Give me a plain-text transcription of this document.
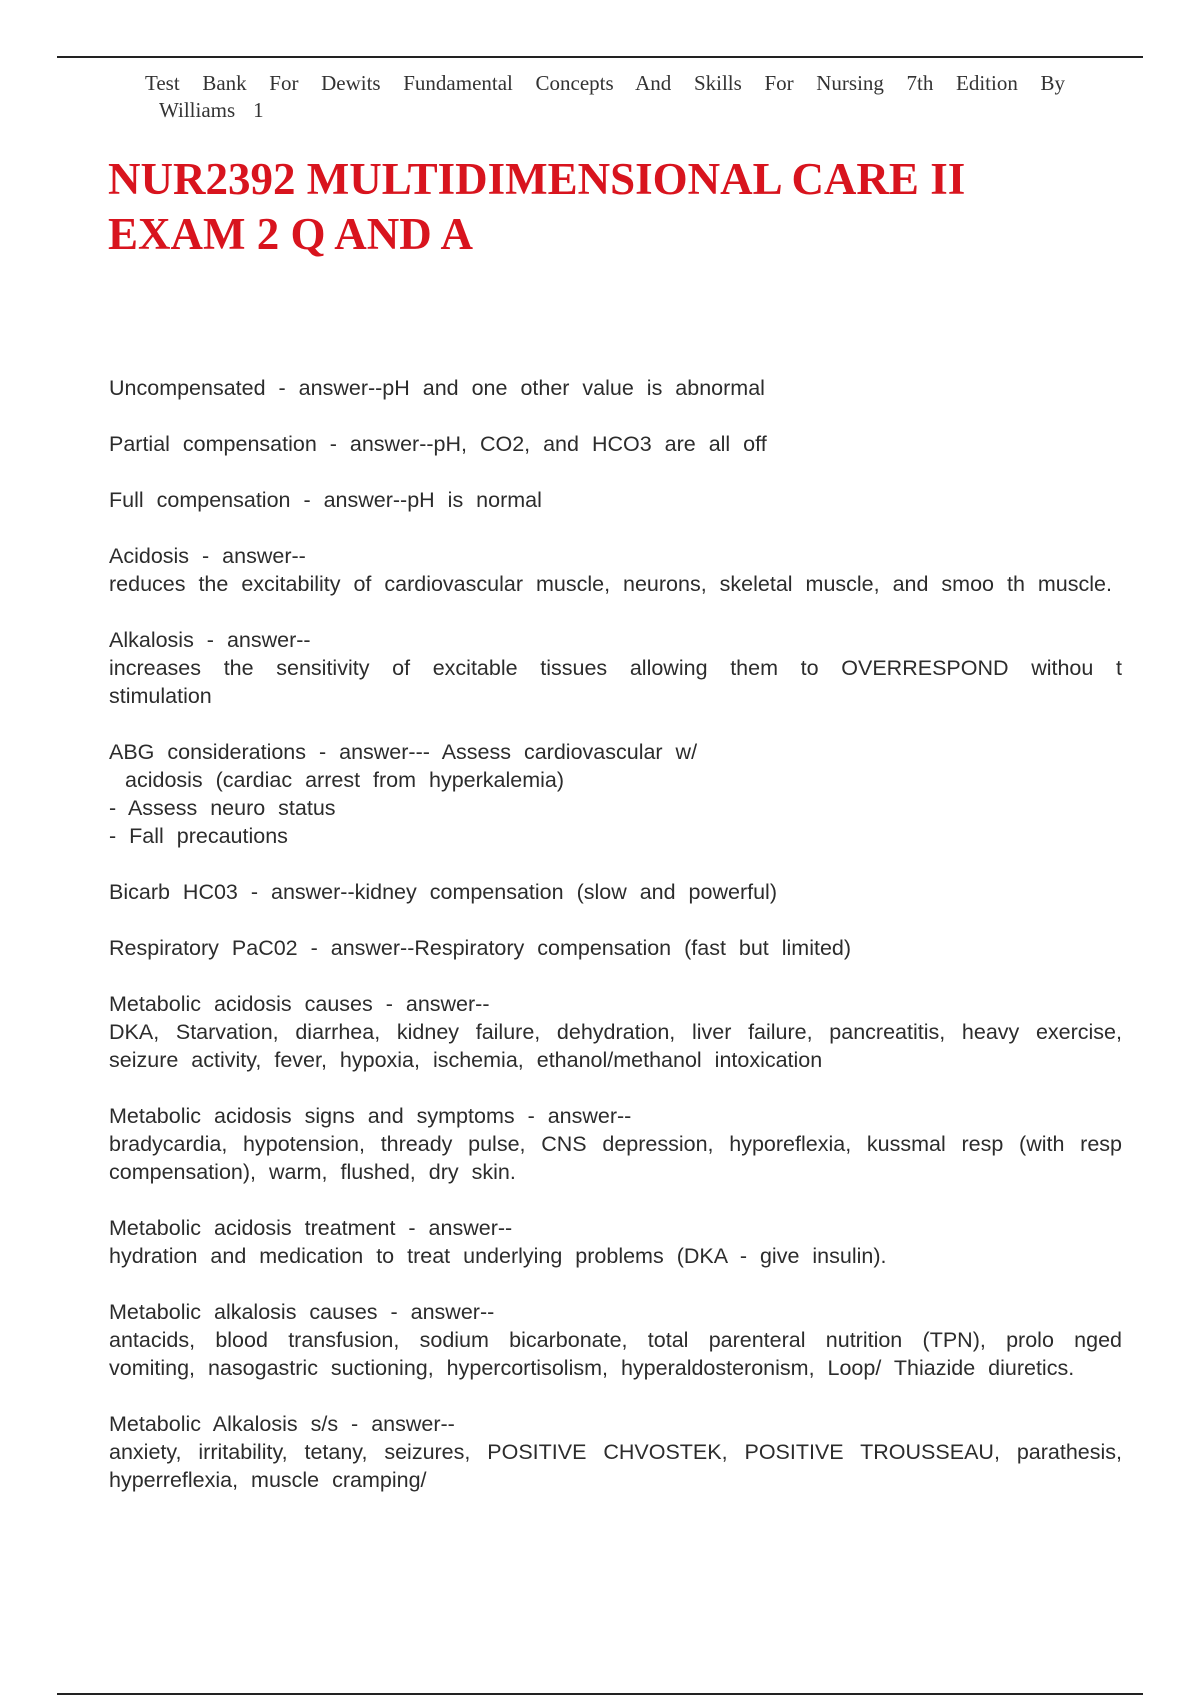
Test Bank For Dewits Fundamental Concepts And Skills For Nursing 7th Edition By
Williams 1
NUR2392 MULTIDIMENSIONAL CARE II
EXAM 2 Q AND A
Uncompensated - answer--pH and one other value is abnormal
Partial compensation - answer--pH, CO2, and HCO3 are all off
Full compensation - answer--pH is normal
Acidosis - answer--
reduces the excitability of cardiovascular muscle, neurons, skeletal muscle, and smoo th muscle.
Alkalosis - answer--
increases the sensitivity of excitable tissues allowing them to OVERRESPOND withou t stimulation
ABG considerations - answer--- Assess cardiovascular w/
acidosis (cardiac arrest from hyperkalemia)
- Assess neuro status
- Fall precautions
Bicarb HC03 - answer--kidney compensation (slow and powerful)
Respiratory PaC02 - answer--Respiratory compensation (fast but limited)
Metabolic acidosis causes - answer--
DKA, Starvation, diarrhea, kidney failure, dehydration, liver failure, pancreatitis, heavy exercise, seizure activity, fever, hypoxia, ischemia, ethanol/methanol intoxication
Metabolic acidosis signs and symptoms - answer--
bradycardia, hypotension, thready pulse, CNS depression, hyporeflexia, kussmal resp (with resp compensation), warm, flushed, dry skin.
Metabolic acidosis treatment - answer--
hydration and medication to treat underlying problems (DKA - give insulin).
Metabolic alkalosis causes - answer--
antacids, blood transfusion, sodium bicarbonate, total parenteral nutrition (TPN), prolo nged vomiting, nasogastric suctioning, hypercortisolism, hyperaldosteronism, Loop/ Thiazide diuretics.
Metabolic Alkalosis s/s - answer--
anxiety, irritability, tetany, seizures, POSITIVE CHVOSTEK, POSITIVE TROUSSEAU, parathesis, hyperreflexia, muscle cramping/
